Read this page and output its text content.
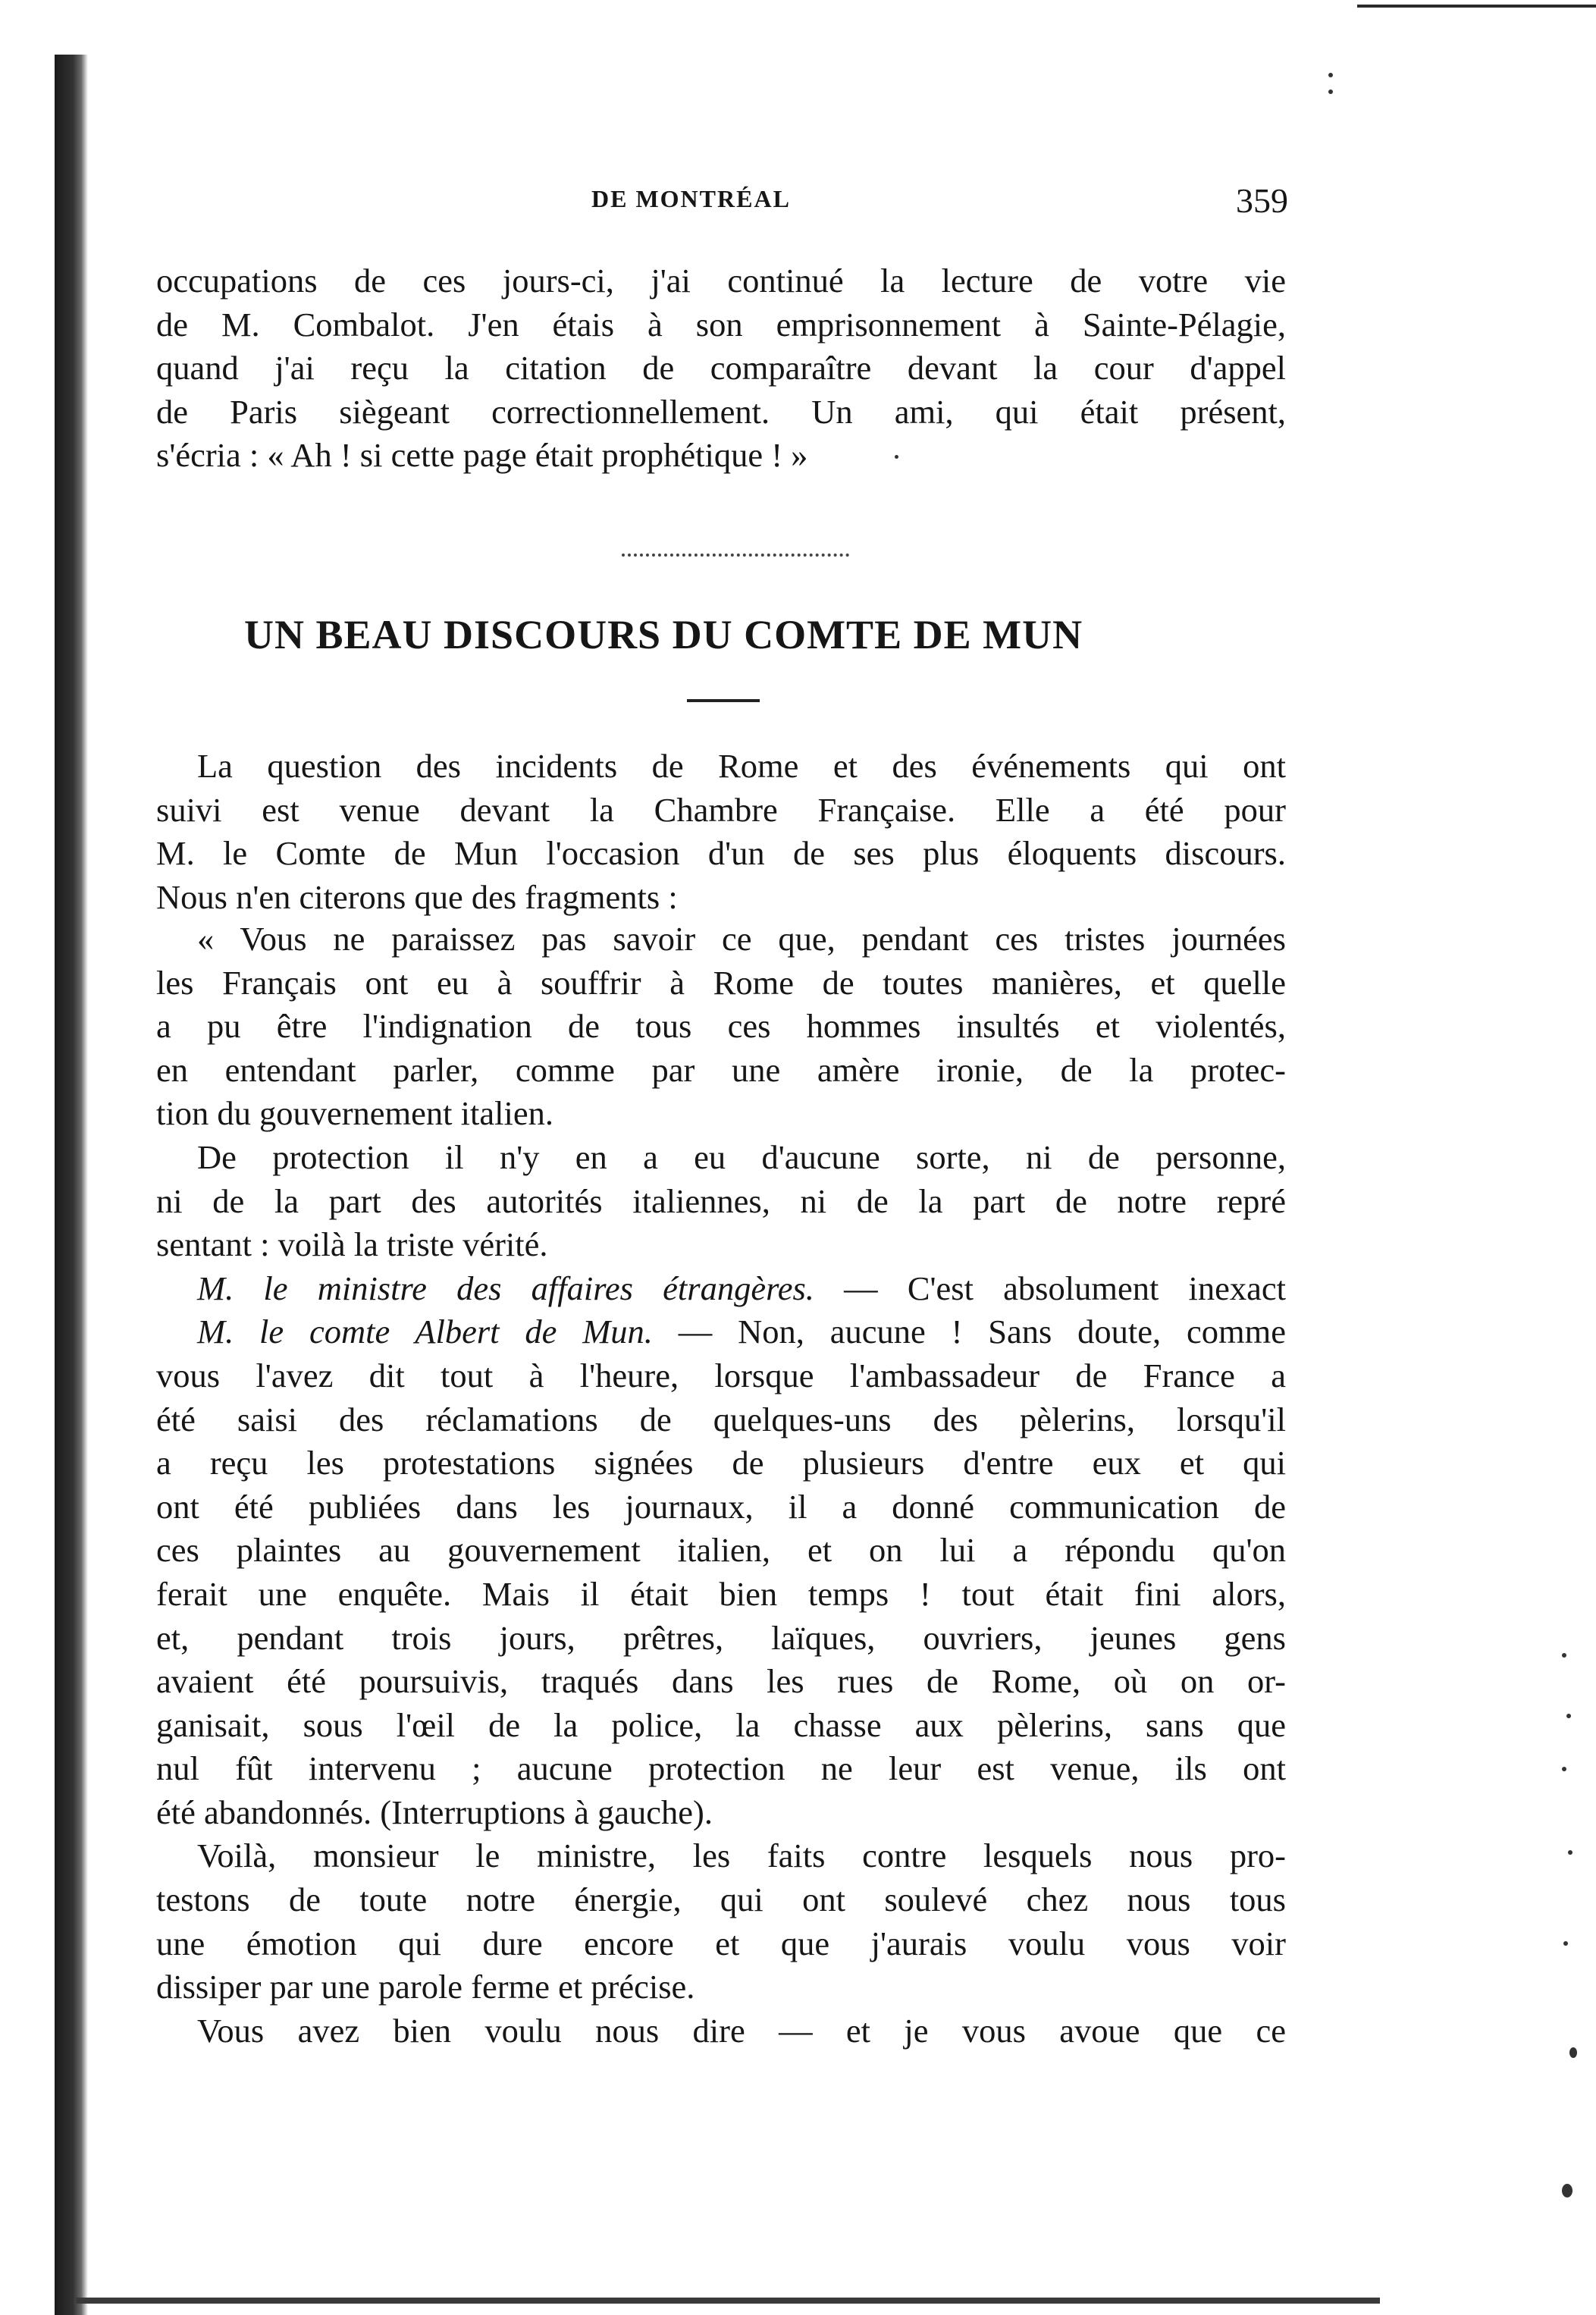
DE MONTRÉAL	359

occupations de ces jours-ci, j'ai continué la lecture de votre vie

de M. Combalot. J'en étais à son emprisonnement à Sainte-Pélagie,

quand j'ai reçu la citation de comparaître devant la cour d'appel

de Paris siègeant correctionnellement. Un ami, qui était présent,

s'écria : « Ah ! si cette page était prophétique ! »

UN BEAU DISCOURS DU COMTE DE MUN

La question des incidents de Rome et des événements qui ont

suivi est venue devant la Chambre Française. Elle a été pour

M. le Comte de Mun l'occasion d'un de ses plus éloquents discours.

Nous n'en citerons que des fragments :

« Vous ne paraissez pas savoir ce que, pendant ces tristes journées

les Français ont eu à souffrir à Rome de toutes manières, et quelle

a pu être l'indignation de tous ces hommes insultés et violentés,

en entendant parler, comme par une amère ironie, de la protec-

tion du gouvernement italien.

De protection il n'y en a eu d'aucune sorte, ni de personne,

ni de la part des autorités italiennes, ni de la part de notre repré

sentant : voilà la triste vérité.

M. le ministre des affaires étrangères. — C'est absolument inexact

M. le comte Albert de Mun. — Non, aucune ! Sans doute, comme

vous l'avez dit tout à l'heure, lorsque l'ambassadeur de France a

été saisi des réclamations de quelques-uns des pèlerins, lorsqu'il

a reçu les protestations signées de plusieurs d'entre eux et qui

ont été publiées dans les journaux, il a donné communication de

ces plaintes au gouvernement italien, et on lui a répondu qu'on

ferait une enquête. Mais il était bien temps ! tout était fini alors,

et, pendant trois jours, prêtres, laïques, ouvriers, jeunes gens

avaient été poursuivis, traqués dans les rues de Rome, où on or-

ganisait, sous l'œil de la police, la chasse aux pèlerins, sans que

nul fût intervenu ; aucune protection ne leur est venue, ils ont

été abandonnés. (Interruptions à gauche).

Voilà, monsieur le ministre, les faits contre lesquels nous pro-

testons de toute notre énergie, qui ont soulevé chez nous tous

une émotion qui dure encore et que j'aurais voulu vous voir

dissiper par une parole ferme et précise.

Vous avez bien voulu nous dire — et je vous avoue que ce
